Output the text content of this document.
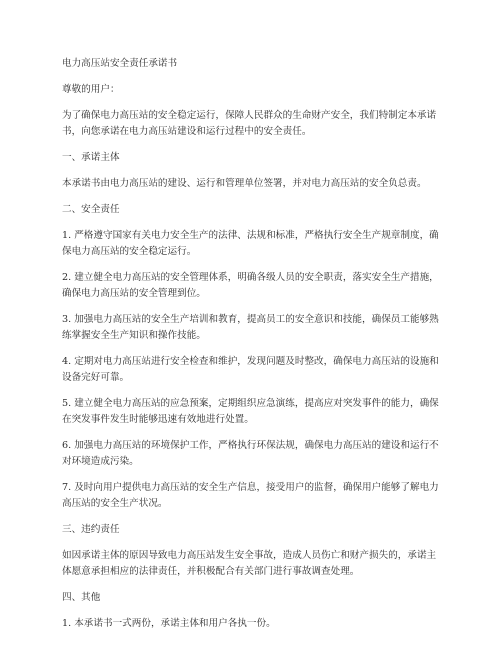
电力高压站安全责任承诺书
尊敬的用户：
为了确保电力高压站的安全稳定运行，保障人民群众的生命财产安全，我们特制定本承诺书，向您承诺在电力高压站建设和运行过程中的安全责任。
一、承诺主体
本承诺书由电力高压站的建设、运行和管理单位签署，并对电力高压站的安全负总责。
二、安全责任
1. 严格遵守国家有关电力安全生产的法律、法规和标准，严格执行安全生产规章制度，确保电力高压站的安全稳定运行。
2. 建立健全电力高压站的安全管理体系，明确各级人员的安全职责，落实安全生产措施，确保电力高压站的安全管理到位。
3. 加强电力高压站的安全生产培训和教育，提高员工的安全意识和技能，确保员工能够熟练掌握安全生产知识和操作技能。
4. 定期对电力高压站进行安全检查和维护，发现问题及时整改，确保电力高压站的设施和设备完好可靠。
5. 建立健全电力高压站的应急预案，定期组织应急演练，提高应对突发事件的能力，确保在突发事件发生时能够迅速有效地进行处置。
6. 加强电力高压站的环境保护工作，严格执行环保法规，确保电力高压站的建设和运行不对环境造成污染。
7. 及时向用户提供电力高压站的安全生产信息，接受用户的监督，确保用户能够了解电力高压站的安全生产状况。
三、违约责任
如因承诺主体的原因导致电力高压站发生安全事故，造成人员伤亡和财产损失的，承诺主体愿意承担相应的法律责任，并积极配合有关部门进行事故调查处理。
四、其他
1. 本承诺书一式两份，承诺主体和用户各执一份。
